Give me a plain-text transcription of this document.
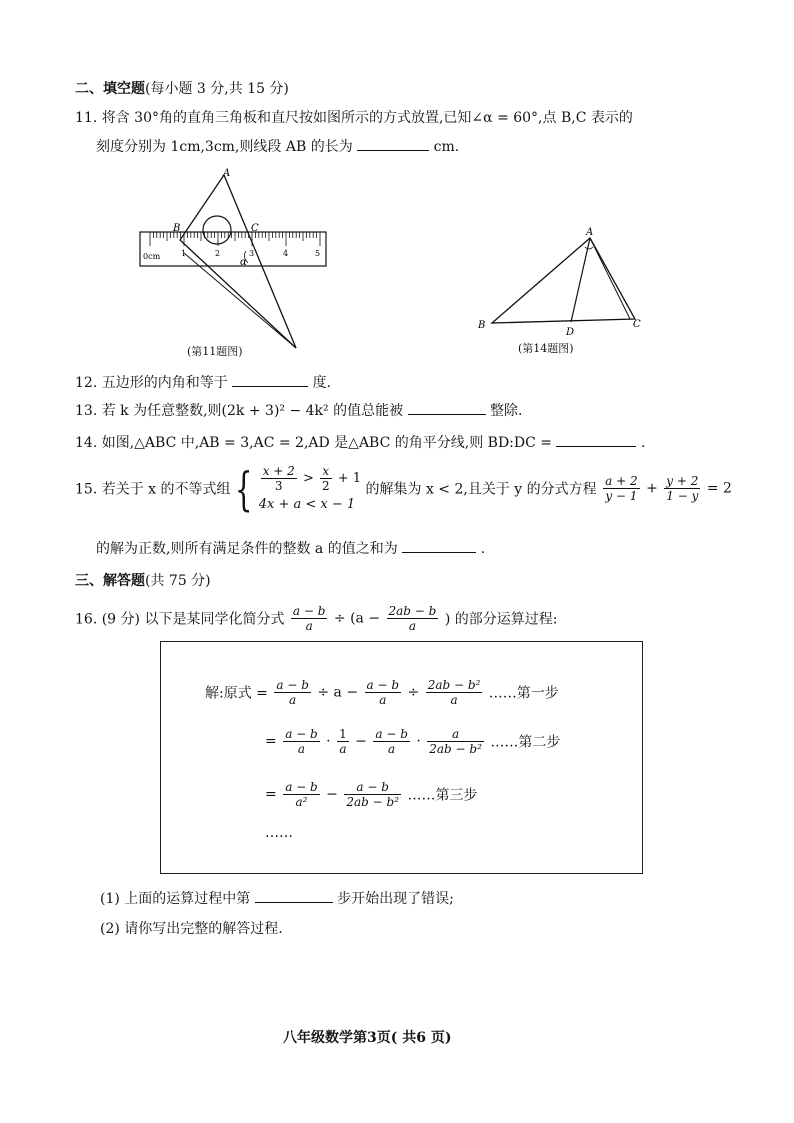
二、填空题(每小题 3 分,共 15 分)
11. 将含 30°角的直角三角板和直尺按如图所示的方式放置,已知∠α = 60°,点 B,C 表示的
刻度分别为 1cm,3cm,则线段 AB 的长为	cm.
0cm	1	2	3	4	5
A
B	C
α
(第11题图)
A
B
D
C
(第14题图)
12. 五边形的内角和等于	度.
13. 若 k 为任意整数,则(2k + 3)² − 4k² 的值总能被	整除.
14. 如图,△ABC 中,AB = 3,AC = 2,AD 是△ABC 的角平分线,则 BD:DC =	.
15. 若关于 x 的不等式组 { $\frac{x + 2}{3} > \frac{x}{2} + 1$
4x + a < x − 1
的解集为 x < 2,且关于 y 的分式方程 $\frac{a + 2}{y - 1} + \frac{y + 2}{1 - y} = 2$
的解为正数,则所有满足条件的整数 a 的值之和为	.
三、解答题(共 75 分)
16. (9 分) 以下是某同学化简分式 $\frac{a - b}{a} \div (a - \frac{2ab - b}{a}$ ) 的部分运算过程:
解:原式 = $\frac{a - b}{a} \div a - \frac{a - b}{a} \div \frac{\text{2ab − b²}}{a}$ ……第一步
= $\frac{a - b}{a} \cdot \frac{1}{a} - \frac{a - b}{a} \cdot \frac{a}{\text{2ab − b²}}$ ……第二步
= $\frac{a - b}{\text{a²}} - \frac{a - b}{\text{2ab − b²}}$ ……第三步
……
(1) 上面的运算过程中第	步开始出现了错误;
(2) 请你写出完整的解答过程.
八年级数学第3页( 共6 页)
